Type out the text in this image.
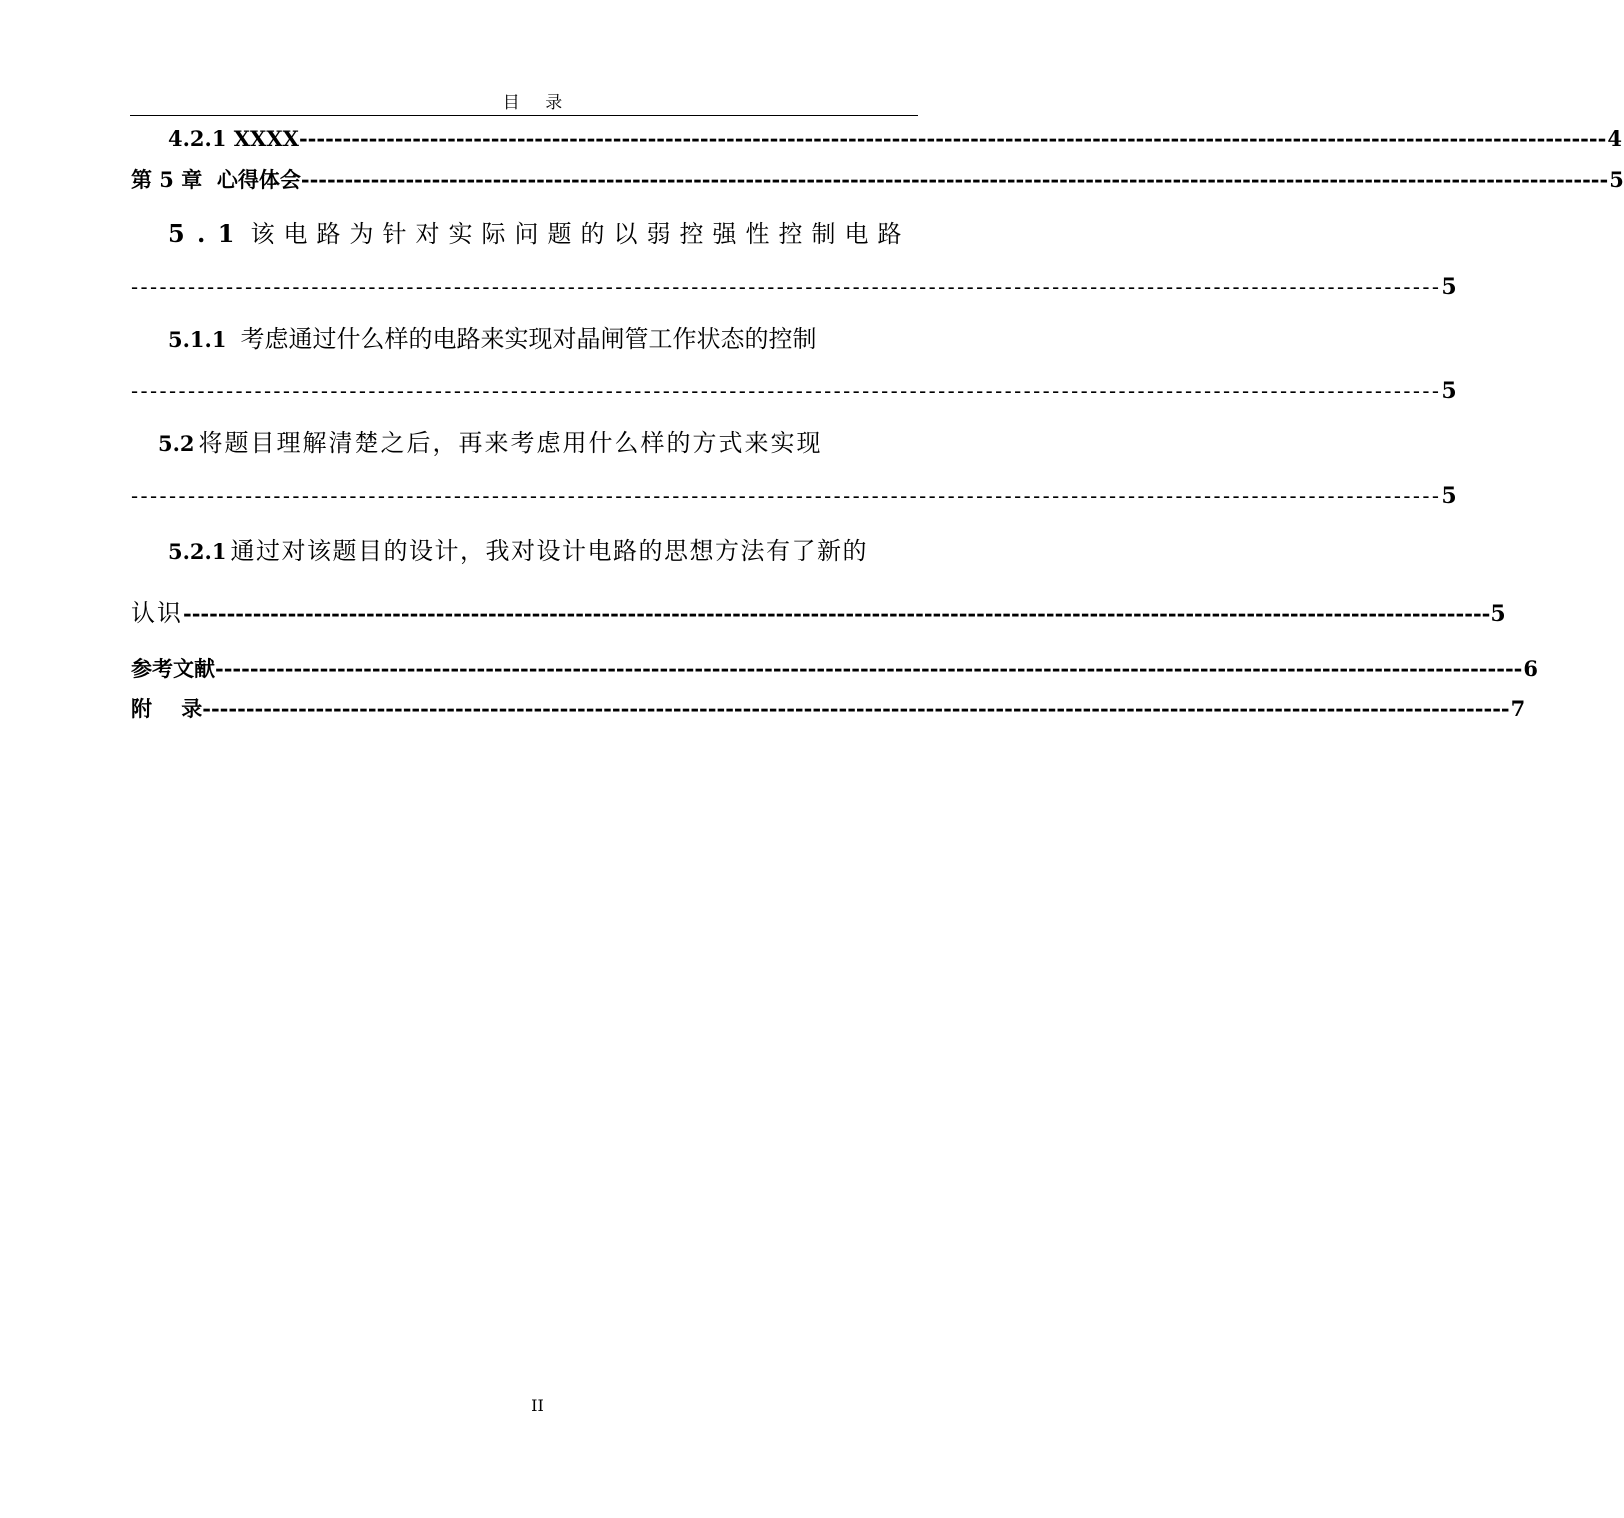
目 录
4.2.1 XXXX ------------------------------------------------------------------------------------------------------------------------------------------------------ 4
第 5 章  心得体会 ------------------------------------------------------------------------------------------------------------------------------------------------------ 5
5 . 1 该电路为针对实际问题的以弱控强性控制电路
------------------------------------------------------------------------------------------------------------------------------------------ 5
5.1.1 考虑通过什么样的电路来实现对晶闸管工作状态的控制
------------------------------------------------------------------------------------------------------------------------------------------ 5
5.2 将题目理解清楚之后，再来考虑用什么样的方式来实现
------------------------------------------------------------------------------------------------------------------------------------------ 5
5.2.1 通过对该题目的设计，我对设计电路的思想方法有了新的
认识 ------------------------------------------------------------------------------------------------------------------------------------------------------ 5
参考文献 ------------------------------------------------------------------------------------------------------------------------------------------------------ 6
附    录 ------------------------------------------------------------------------------------------------------------------------------------------------------ 7
II
